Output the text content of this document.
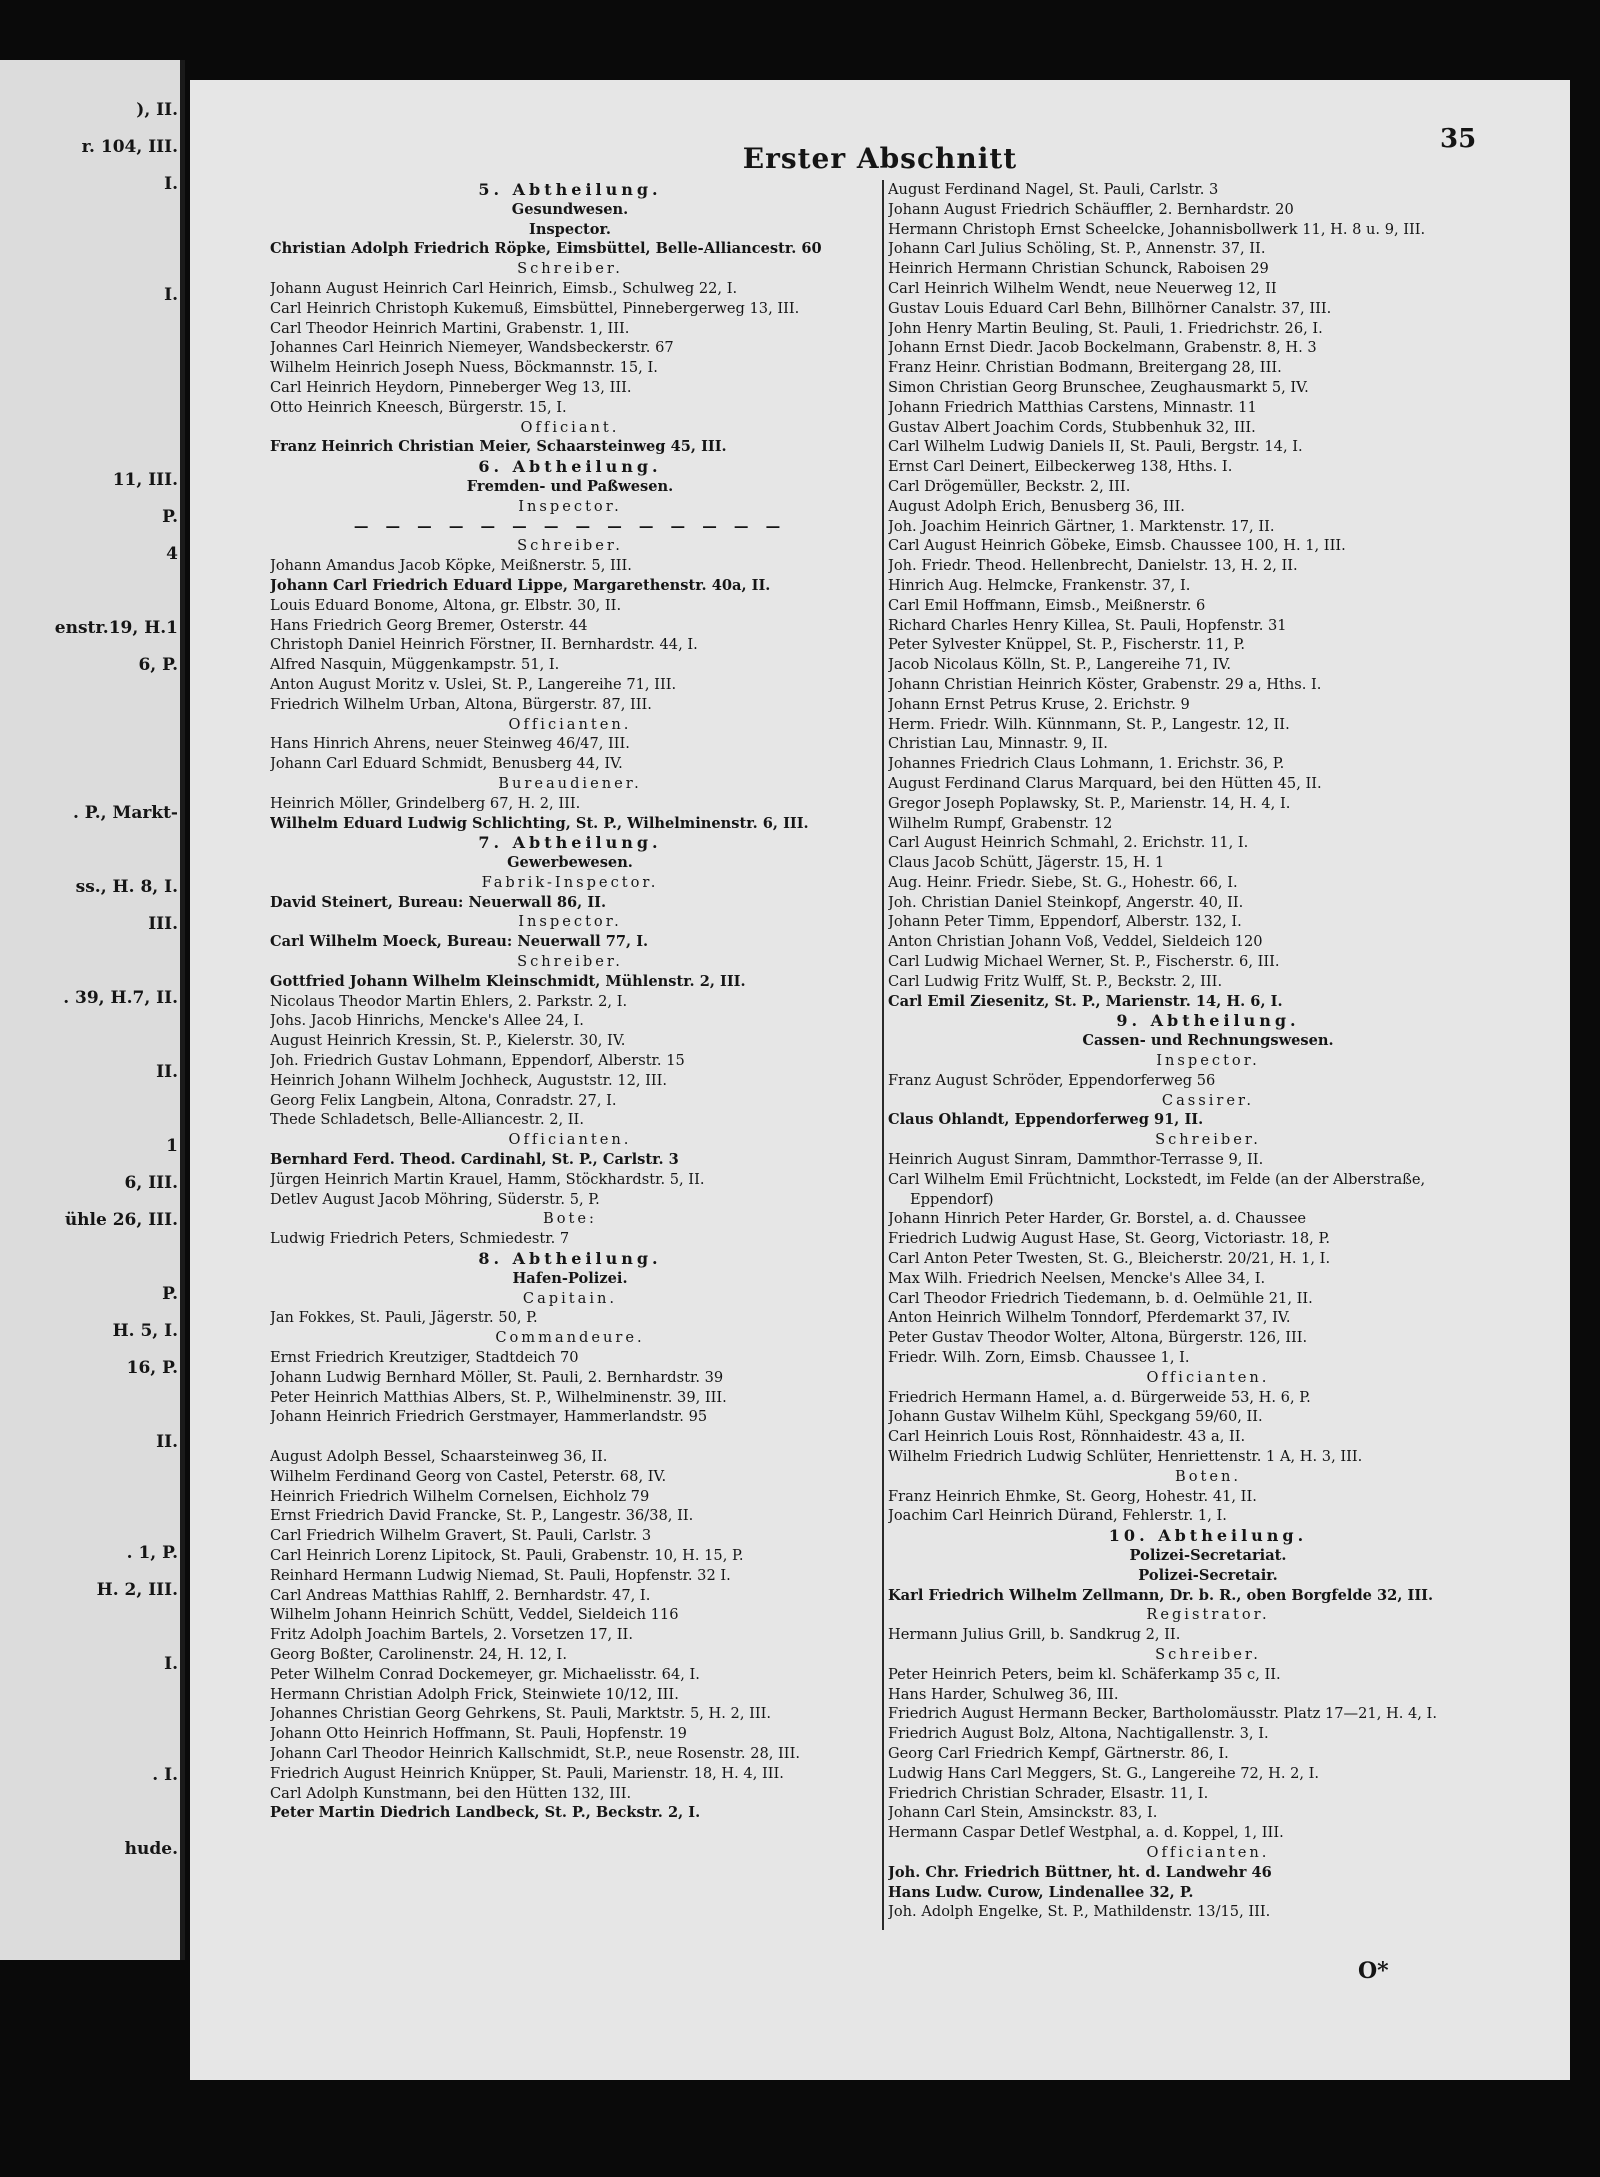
), II.
r. 104, III.
I.
I.
11, III.
P.
4
enstr.19, H.1
6, P.
. P., Markt-
ss., H. 8, I.
III.
. 39, H.7, II.
II.
1
6, III.
ühle 26, III.
P.
H. 5, I.
16, P.
II.
. 1, P.
H. 2, III.
I.
. I.
hude.
Erster Abschnitt
35
5. Abtheilung.
Gesundwesen.
Inspector.
Christian Adolph Friedrich Röpke, Eimsbüttel, Belle-Alliancestr. 60
Schreiber.
Johann August Heinrich Carl Heinrich, Eimsb., Schulweg 22, I.
Carl Heinrich Christoph Kukemuß, Eimsbüttel, Pinnebergerweg 13, III.
Carl Theodor Heinrich Martini, Grabenstr. 1, III.
Johannes Carl Heinrich Niemeyer, Wandsbeckerstr. 67
Wilhelm Heinrich Joseph Nuess, Böckmannstr. 15, I.
Carl Heinrich Heydorn, Pinneberger Weg 13, III.
Otto Heinrich Kneesch, Bürgerstr. 15, I.
Officiant.
Franz Heinrich Christian Meier, Schaarsteinweg 45, III.
6. Abtheilung.
Fremden- und Paßwesen.
Inspector.
— — — — — — — — — — — — — —
Schreiber.
Johann Amandus Jacob Köpke, Meißnerstr. 5, III.
Johann Carl Friedrich Eduard Lippe, Margarethenstr. 40a, II.
Louis Eduard Bonome, Altona, gr. Elbstr. 30, II.
Hans Friedrich Georg Bremer, Osterstr. 44
Christoph Daniel Heinrich Förstner, II. Bernhardstr. 44, I.
Alfred Nasquin, Müggenkampstr. 51, I.
Anton August Moritz v. Uslei, St. P., Langereihe 71, III.
Friedrich Wilhelm Urban, Altona, Bürgerstr. 87, III.
Officianten.
Hans Hinrich Ahrens, neuer Steinweg 46/47, III.
Johann Carl Eduard Schmidt, Benusberg 44, IV.
Bureaudiener.
Heinrich Möller, Grindelberg 67, H. 2, III.
Wilhelm Eduard Ludwig Schlichting, St. P., Wilhelminenstr. 6, III.
7. Abtheilung.
Gewerbewesen.
Fabrik-Inspector.
David Steinert, Bureau: Neuerwall 86, II.
Inspector.
Carl Wilhelm Moeck, Bureau: Neuerwall 77, I.
Schreiber.
Gottfried Johann Wilhelm Kleinschmidt, Mühlenstr. 2, III.
Nicolaus Theodor Martin Ehlers, 2. Parkstr. 2, I.
Johs. Jacob Hinrichs, Mencke's Allee 24, I.
August Heinrich Kressin, St. P., Kielerstr. 30, IV.
Joh. Friedrich Gustav Lohmann, Eppendorf, Alberstr. 15
Heinrich Johann Wilhelm Jochheck, Auguststr. 12, III.
Georg Felix Langbein, Altona, Conradstr. 27, I.
Thede Schladetsch, Belle-Alliancestr. 2, II.
Officianten.
Bernhard Ferd. Theod. Cardinahl, St. P., Carlstr. 3
Jürgen Heinrich Martin Krauel, Hamm, Stöckhardstr. 5, II.
Detlev August Jacob Möhring, Süderstr. 5, P.
Bote:
Ludwig Friedrich Peters, Schmiedestr. 7
8. Abtheilung.
Hafen-Polizei.
Capitain.
Jan Fokkes, St. Pauli, Jägerstr. 50, P.
Commandeure.
Ernst Friedrich Kreutziger, Stadtdeich 70
Johann Ludwig Bernhard Möller, St. Pauli, 2. Bernhardstr. 39
Peter Heinrich Matthias Albers, St. P., Wilhelminenstr. 39, III.
Johann Heinrich Friedrich Gerstmayer, Hammerlandstr. 95
August Adolph Bessel, Schaarsteinweg 36, II.
Wilhelm Ferdinand Georg von Castel, Peterstr. 68, IV.
Heinrich Friedrich Wilhelm Cornelsen, Eichholz 79
Ernst Friedrich David Francke, St. P., Langestr. 36/38, II.
Carl Friedrich Wilhelm Gravert, St. Pauli, Carlstr. 3
Carl Heinrich Lorenz Lipitock, St. Pauli, Grabenstr. 10, H. 15, P.
Reinhard Hermann Ludwig Niemad, St. Pauli, Hopfenstr. 32 I.
Carl Andreas Matthias Rahlff, 2. Bernhardstr. 47, I.
Wilhelm Johann Heinrich Schütt, Veddel, Sieldeich 116
Fritz Adolph Joachim Bartels, 2. Vorsetzen 17, II.
Georg Boßter, Carolinenstr. 24, H. 12, I.
Peter Wilhelm Conrad Dockemeyer, gr. Michaelisstr. 64, I.
Hermann Christian Adolph Frick, Steinwiete 10/12, III.
Johannes Christian Georg Gehrkens, St. Pauli, Marktstr. 5, H. 2, III.
Johann Otto Heinrich Hoffmann, St. Pauli, Hopfenstr. 19
Johann Carl Theodor Heinrich Kallschmidt, St.P., neue Rosenstr. 28, III.
Friedrich August Heinrich Knüpper, St. Pauli, Marienstr. 18, H. 4, III.
Carl Adolph Kunstmann, bei den Hütten 132, III.
Peter Martin Diedrich Landbeck, St. P., Beckstr. 2, I.
August Ferdinand Nagel, St. Pauli, Carlstr. 3
Johann August Friedrich Schäuffler, 2. Bernhardstr. 20
Hermann Christoph Ernst Scheelcke, Johannisbollwerk 11, H. 8 u. 9, III.
Johann Carl Julius Schöling, St. P., Annenstr. 37, II.
Heinrich Hermann Christian Schunck, Raboisen 29
Carl Heinrich Wilhelm Wendt, neue Neuerweg 12, II
Gustav Louis Eduard Carl Behn, Billhörner Canalstr. 37, III.
John Henry Martin Beuling, St. Pauli, 1. Friedrichstr. 26, I.
Johann Ernst Diedr. Jacob Bockelmann, Grabenstr. 8, H. 3
Franz Heinr. Christian Bodmann, Breitergang 28, III.
Simon Christian Georg Brunschee, Zeughausmarkt 5, IV.
Johann Friedrich Matthias Carstens, Minnastr. 11
Gustav Albert Joachim Cords, Stubbenhuk 32, III.
Carl Wilhelm Ludwig Daniels II, St. Pauli, Bergstr. 14, I.
Ernst Carl Deinert, Eilbeckerweg 138, Hths. I.
Carl Drögemüller, Beckstr. 2, III.
August Adolph Erich, Benusberg 36, III.
Joh. Joachim Heinrich Gärtner, 1. Marktenstr. 17, II.
Carl August Heinrich Göbeke, Eimsb. Chaussee 100, H. 1, III.
Joh. Friedr. Theod. Hellenbrecht, Danielstr. 13, H. 2, II.
Hinrich Aug. Helmcke, Frankenstr. 37, I.
Carl Emil Hoffmann, Eimsb., Meißnerstr. 6
Richard Charles Henry Killea, St. Pauli, Hopfenstr. 31
Peter Sylvester Knüppel, St. P., Fischerstr. 11, P.
Jacob Nicolaus Kölln, St. P., Langereihe 71, IV.
Johann Christian Heinrich Köster, Grabenstr. 29 a, Hths. I.
Johann Ernst Petrus Kruse, 2. Erichstr. 9
Herm. Friedr. Wilh. Künnmann, St. P., Langestr. 12, II.
Christian Lau, Minnastr. 9, II.
Johannes Friedrich Claus Lohmann, 1. Erichstr. 36, P.
August Ferdinand Clarus Marquard, bei den Hütten 45, II.
Gregor Joseph Poplawsky, St. P., Marienstr. 14, H. 4, I.
Wilhelm Rumpf, Grabenstr. 12
Carl August Heinrich Schmahl, 2. Erichstr. 11, I.
Claus Jacob Schütt, Jägerstr. 15, H. 1
Aug. Heinr. Friedr. Siebe, St. G., Hohestr. 66, I.
Joh. Christian Daniel Steinkopf, Angerstr. 40, II.
Johann Peter Timm, Eppendorf, Alberstr. 132, I.
Anton Christian Johann Voß, Veddel, Sieldeich 120
Carl Ludwig Michael Werner, St. P., Fischerstr. 6, III.
Carl Ludwig Fritz Wulff, St. P., Beckstr. 2, III.
Carl Emil Ziesenitz, St. P., Marienstr. 14, H. 6, I.
9. Abtheilung.
Cassen- und Rechnungswesen.
Inspector.
Franz August Schröder, Eppendorferweg 56
Cassirer.
Claus Ohlandt, Eppendorferweg 91, II.
Schreiber.
Heinrich August Sinram, Dammthor-Terrasse 9, II.
Carl Wilhelm Emil Früchtnicht, Lockstedt, im Felde (an der Alberstraße,
Eppendorf)
Johann Hinrich Peter Harder, Gr. Borstel, a. d. Chaussee
Friedrich Ludwig August Hase, St. Georg, Victoriastr. 18, P.
Carl Anton Peter Twesten, St. G., Bleicherstr. 20/21, H. 1, I.
Max Wilh. Friedrich Neelsen, Mencke's Allee 34, I.
Carl Theodor Friedrich Tiedemann, b. d. Oelmühle 21, II.
Anton Heinrich Wilhelm Tonndorf, Pferdemarkt 37, IV.
Peter Gustav Theodor Wolter, Altona, Bürgerstr. 126, III.
Friedr. Wilh. Zorn, Eimsb. Chaussee 1, I.
Officianten.
Friedrich Hermann Hamel, a. d. Bürgerweide 53, H. 6, P.
Johann Gustav Wilhelm Kühl, Speckgang 59/60, II.
Carl Heinrich Louis Rost, Rönnhaidestr. 43 a, II.
Wilhelm Friedrich Ludwig Schlüter, Henriettenstr. 1 A, H. 3, III.
Boten.
Franz Heinrich Ehmke, St. Georg, Hohestr. 41, II.
Joachim Carl Heinrich Dürand, Fehlerstr. 1, I.
10. Abtheilung.
Polizei-Secretariat.
Polizei-Secretair.
Karl Friedrich Wilhelm Zellmann, Dr. b. R., oben Borgfelde 32, III.
Registrator.
Hermann Julius Grill, b. Sandkrug 2, II.
Schreiber.
Peter Heinrich Peters, beim kl. Schäferkamp 35 c, II.
Hans Harder, Schulweg 36, III.
Friedrich August Hermann Becker, Bartholomäusstr. Platz 17—21, H. 4, I.
Friedrich August Bolz, Altona, Nachtigallenstr. 3, I.
Georg Carl Friedrich Kempf, Gärtnerstr. 86, I.
Ludwig Hans Carl Meggers, St. G., Langereihe 72, H. 2, I.
Friedrich Christian Schrader, Elsastr. 11, I.
Johann Carl Stein, Amsinckstr. 83, I.
Hermann Caspar Detlef Westphal, a. d. Koppel, 1, III.
Officianten.
Joh. Chr. Friedrich Büttner, ht. d. Landwehr 46
Hans Ludw. Curow, Lindenallee 32, P.
Joh. Adolph Engelke, St. P., Mathildenstr. 13/15, III.
O*
